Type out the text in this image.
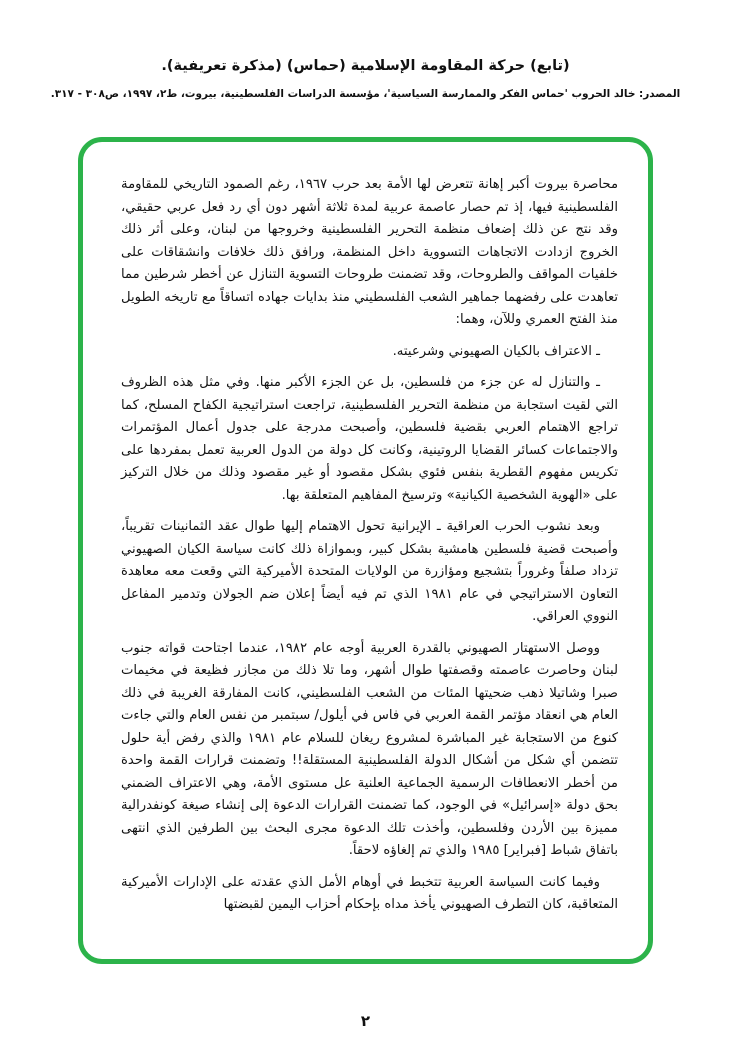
(تابع) حركة المقاومة الإسلامية (حماس) (مذكرة تعريفية).

المصدر: خالد الحروب 'حماس الفكر والممارسة السياسية'، مؤسسة الدراسات الفلسطينية، بيروت، ط٢، ١٩٩٧، ص٣٠٨ - ٣١٧.

محاصرة بيروت أكبر إهانة تتعرض لها الأمة بعد حرب ١٩٦٧، رغم الصمود التاريخي للمقاومة الفلسطينية فيها، إذ تم حصار عاصمة عربية لمدة ثلاثة أشهر دون أي رد فعل عربي حقيقي، وقد نتج عن ذلك إضعاف منظمة التحرير الفلسطينية وخروجها من لبنان، وعلى أثر ذلك الخروج ازدادت الاتجاهات التسووية داخل المنظمة، ورافق ذلك خلافات وانشقاقات على خلفيات المواقف والطروحات، وقد تضمنت طروحات التسوية التنازل عن أخطر شرطين مما تعاهدت على رفضهما جماهير الشعب الفلسطيني منذ بدايات جهاده اتساقاً مع تاريخه الطويل منذ الفتح العمري وللآن، وهما:

ـ الاعتراف بالكيان الصهيوني وشرعيته.

ـ والتنازل له عن جزء من فلسطين، بل عن الجزء الأكبر منها. وفي مثل هذه الظروف التي لقيت استجابة من منظمة التحرير الفلسطينية، تراجعت استراتيجية الكفاح المسلح، كما تراجع الاهتمام العربي بقضية فلسطين، وأصبحت مدرجة على جدول أعمال المؤتمرات والاجتماعات كسائر القضايا الروتينية، وكانت كل دولة من الدول العربية تعمل بمفردها على تكريس مفهوم القطرية بنفس فئوي بشكل مقصود أو غير مقصود وذلك من خلال التركيز على «الهوية الشخصية الكيانية» وترسيخ المفاهيم المتعلقة بها.

وبعد نشوب الحرب العراقية ـ الإيرانية تحول الاهتمام إليها طوال عقد الثمانينات تقريباً، وأصبحت قضية فلسطين هامشية بشكل كبير، وبموازاة ذلك كانت سياسة الكيان الصهيوني تزداد صلفاً وغروراً بتشجيع ومؤازرة من الولايات المتحدة الأميركية التي وقعت معه معاهدة التعاون الاستراتيجي في عام ١٩٨١ الذي تم فيه أيضاً إعلان ضم الجولان وتدمير المفاعل النووي العراقي.

ووصل الاستهتار الصهيوني بالقدرة العربية أوجه عام ١٩٨٢، عندما اجتاحت قواته جنوب لبنان وحاصرت عاصمته وقصفتها طوال أشهر، وما تلا ذلك من مجازر فظيعة في مخيمات صبرا وشاتيلا ذهب ضحيتها المئات من الشعب الفلسطيني، كانت المفارقة الغريبة في ذلك العام هي انعقاد مؤتمر القمة العربي في فاس في أيلول/ سبتمبر من نفس العام والتي جاءت كنوع من الاستجابة غير المباشرة لمشروع ريغان للسلام عام ١٩٨١ والذي رفض أية حلول تتضمن أي شكل من أشكال الدولة الفلسطينية المستقلة!! وتضمنت قرارات القمة واحدة من أخطر الانعطافات الرسمية الجماعية العلنية عل مستوى الأمة، وهي الاعتراف الضمني بحق دولة «إسرائيل» في الوجود، كما تضمنت القرارات الدعوة إلى إنشاء صيغة كونفدرالية مميزة بين الأردن وفلسطين، وأخذت تلك الدعوة مجرى البحث بين الطرفين الذي انتهى باتفاق شباط [فبراير] ١٩٨٥ والذي تم إلغاؤه لاحقاً.

وفيما كانت السياسة العربية تتخبط في أوهام الأمل الذي عقدته على الإدارات الأميركية المتعاقبة، كان التطرف الصهيوني يأخذ مداه بإحكام أحزاب اليمين لقبضتها

٢
